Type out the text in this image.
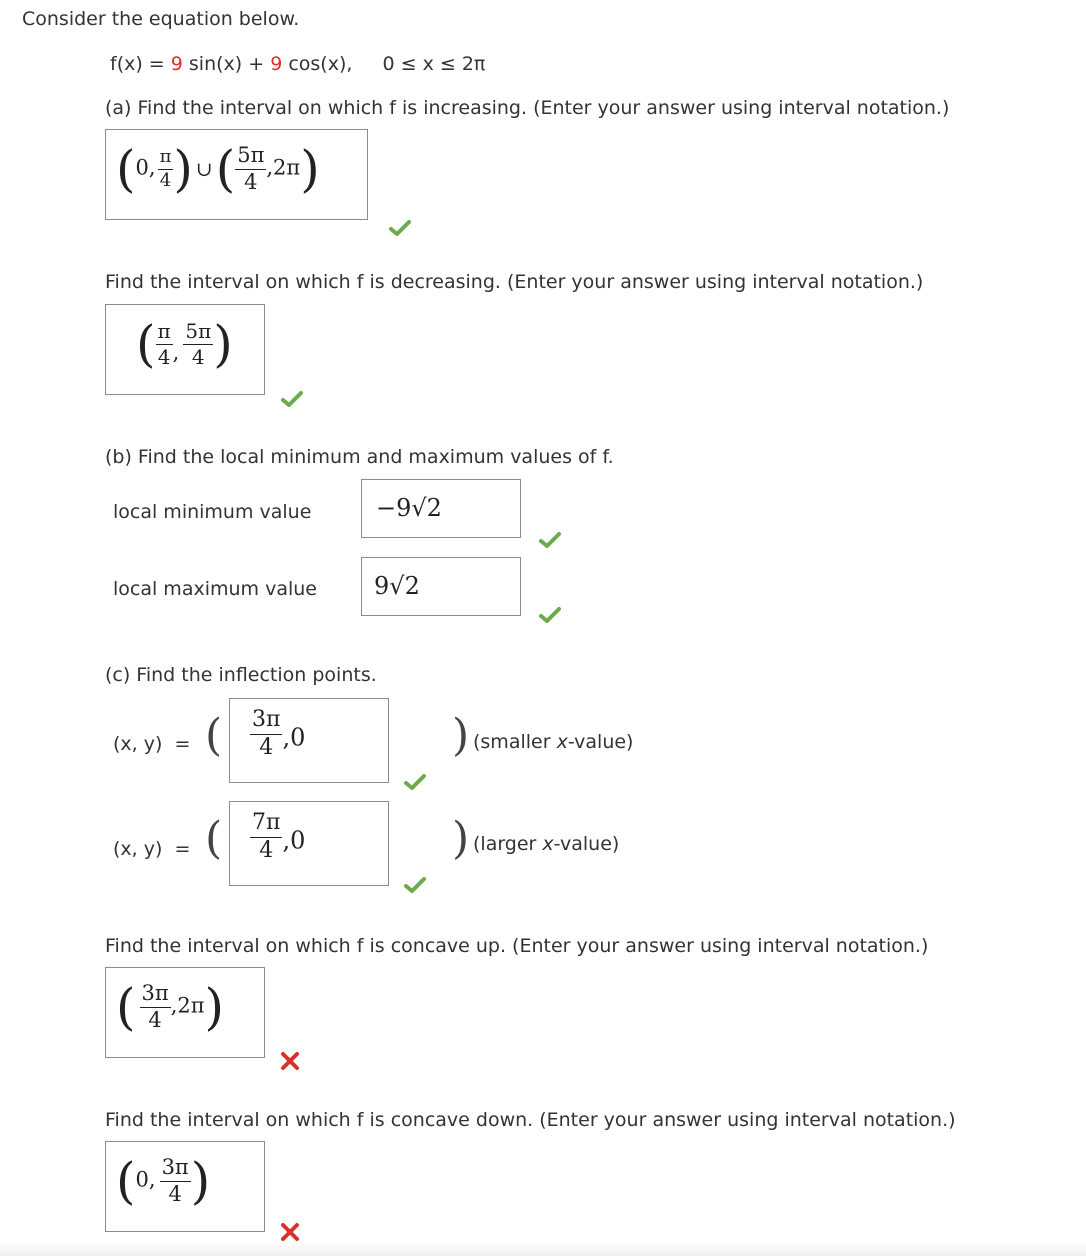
Consider the equation below.
f(x) = 9 sin(x) + 9 cos(x), 0 ≤ x ≤ 2π
(a) Find the interval on which f is increasing. (Enter your answer using interval notation.)
(0, $\frac{\pi}{4}$ ) ∪( $\frac{5\pi}{4} ,2\pi$)
Find the interval on which f is decreasing. (Enter your answer using interval notation.)
( $\frac{\pi}{4}$ , $\frac{5\pi}{4}$ )
(b) Find the local minimum and maximum values of f.
local minimum value	−9√2
local maximum value 9√2
(c) Find the inflection points.
(x, y) = ( $\frac{3\pi}{4} ,0$	) (smaller x-value)
(x, y) = ( $\frac{7\pi}{4} ,0$	) (larger x-value)
Find the interval on which f is concave up. (Enter your answer using interval notation.)
( $\frac{3\pi}{4} ,2\pi$)
Find the interval on which f is concave down. (Enter your answer using interval notation.)
(0, $\frac{3\pi}{4}$ )
